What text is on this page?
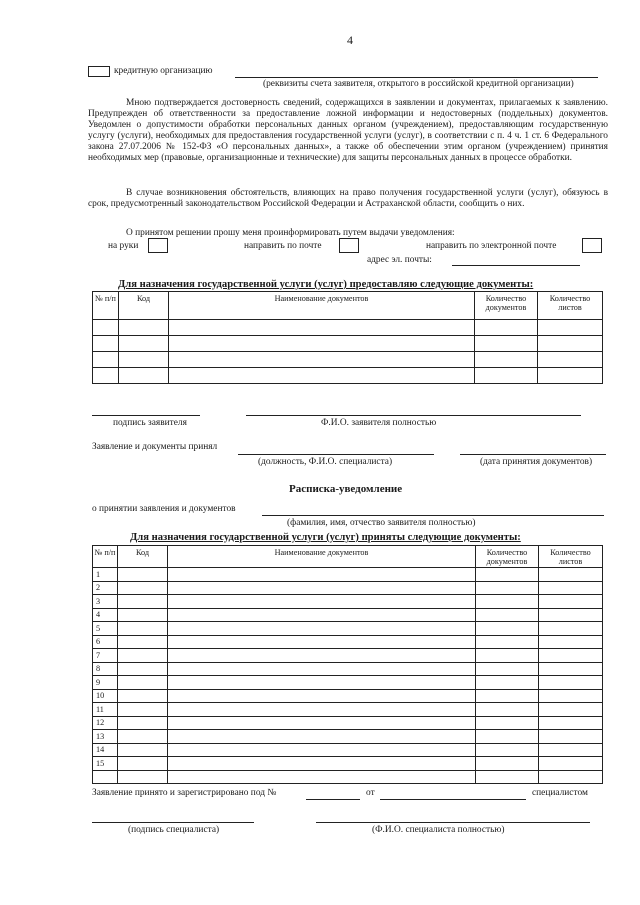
4
кредитную организацию
(реквизиты счета заявителя, открытого в российской кредитной организации)
Мною подтверждается достоверность сведений, содержащихся в заявлении и документах, прилагаемых к заявлению. Предупрежден об ответственности за предоставление ложной информации и недостоверных (поддельных) документов. Уведомлен о допустимости обработки персональных данных органом (учреждением), предоставляющим государственную услугу (услуги), необходимых для предоставления государственной услуги (услуг), в соответствии с п. 4 ч. 1 ст. 6 Федерального закона 27.07.2006 № 152-ФЗ «О персональных данных», а также об обеспечении этим органом (учреждением) принятия необходимых мер (правовые, организационные и технические) для защиты персональных данных в процессе обработки.
В случае возникновения обстоятельств, влияющих на право получения государственной услуги (услуг), обязуюсь в срок, предусмотренный законодательством Российской Федерации и Астраханской области, сообщить о них.
О принятом решении прошу меня проинформировать путем выдачи уведомления:
на руки	направить по почте	направить по электронной почте
адрес эл. почты:
Для назначения государственной услуги (услуг) предоставляю следующие документы:
№ п/п	Код	Наименование документов	Количество документов	Количество листов

подпись заявителя	Ф.И.О. заявителя полностью
Заявление и документы принял
(должность, Ф.И.О. специалиста)	(дата принятия документов)
Расписка-уведомление
о принятии заявления и документов
(фамилия, имя, отчество заявителя полностью)
Для назначения государственной услуги (услуг) приняты следующие документы:
№ п/п	Код	Наименование документов	Количество документов	Количество листов
1				
2				
3				
4				
5				
6				
7				
8				
9				
10				
11				
12				
13				
14				
15				

Заявление принято и зарегистрировано под №	от	специалистом
(подпись специалиста)	(Ф.И.О. специалиста полностью)
